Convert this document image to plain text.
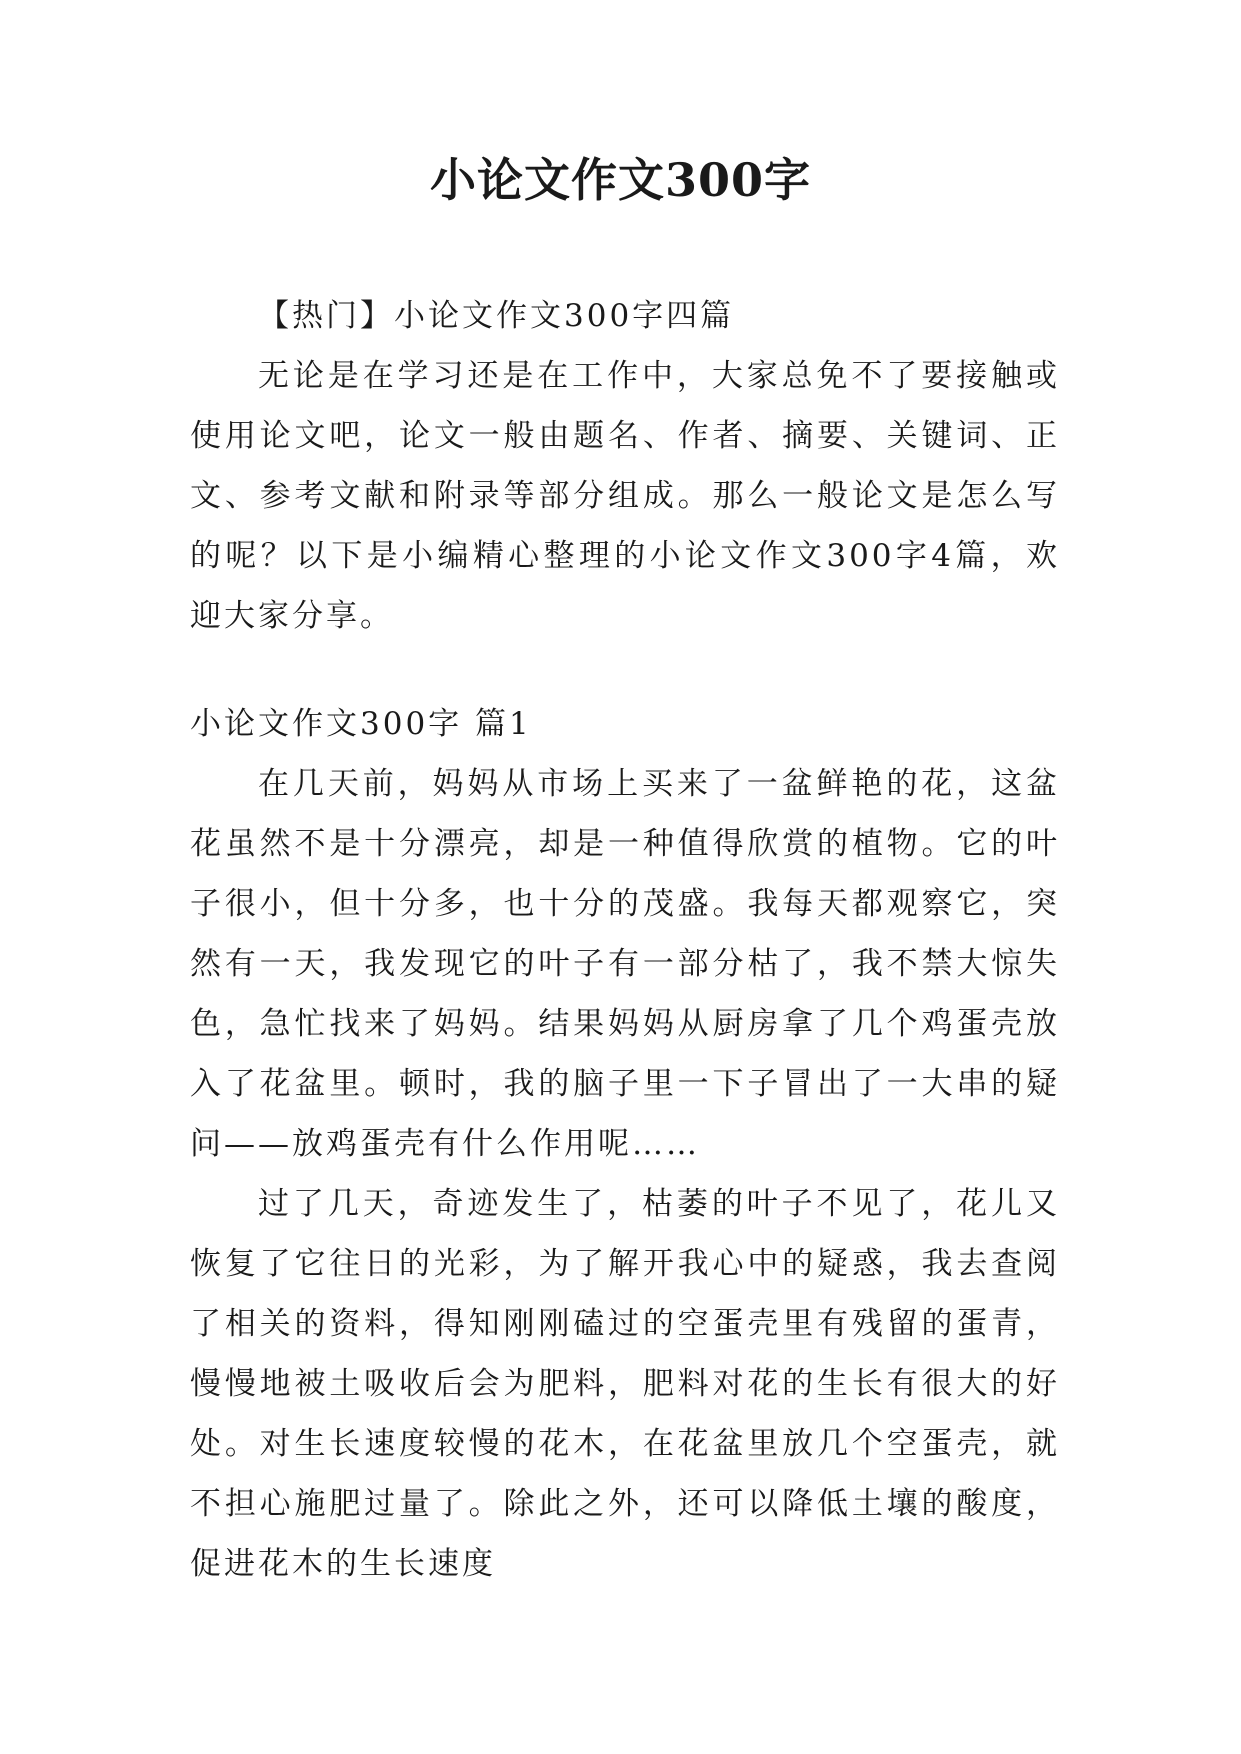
小论文作文300字

【热门】小论文作文300字四篇

无论是在学习还是在工作中，大家总免不了要接触或使用论文吧，论文一般由题名、作者、摘要、关键词、正文、参考文献和附录等部分组成。那么一般论文是怎么写的呢？以下是小编精心整理的小论文作文300字4篇，欢迎大家分享。

小论文作文300字 篇1

在几天前，妈妈从市场上买来了一盆鲜艳的花，这盆花虽然不是十分漂亮，却是一种值得欣赏的植物。它的叶子很小，但十分多，也十分的茂盛。我每天都观察它，突然有一天，我发现它的叶子有一部分枯了，我不禁大惊失色，急忙找来了妈妈。结果妈妈从厨房拿了几个鸡蛋壳放入了花盆里。顿时，我的脑子里一下子冒出了一大串的疑问——放鸡蛋壳有什么作用呢……

过了几天，奇迹发生了，枯萎的叶子不见了，花儿又恢复了它往日的光彩，为了解开我心中的疑惑，我去查阅了相关的资料，得知刚刚磕过的空蛋壳里有残留的蛋青，慢慢地被土吸收后会为肥料，肥料对花的生长有很大的好处。对生长速度较慢的花木，在花盆里放几个空蛋壳，就不担心施肥过量了。除此之外，还可以降低土壤的酸度，促进花木的生长速度
